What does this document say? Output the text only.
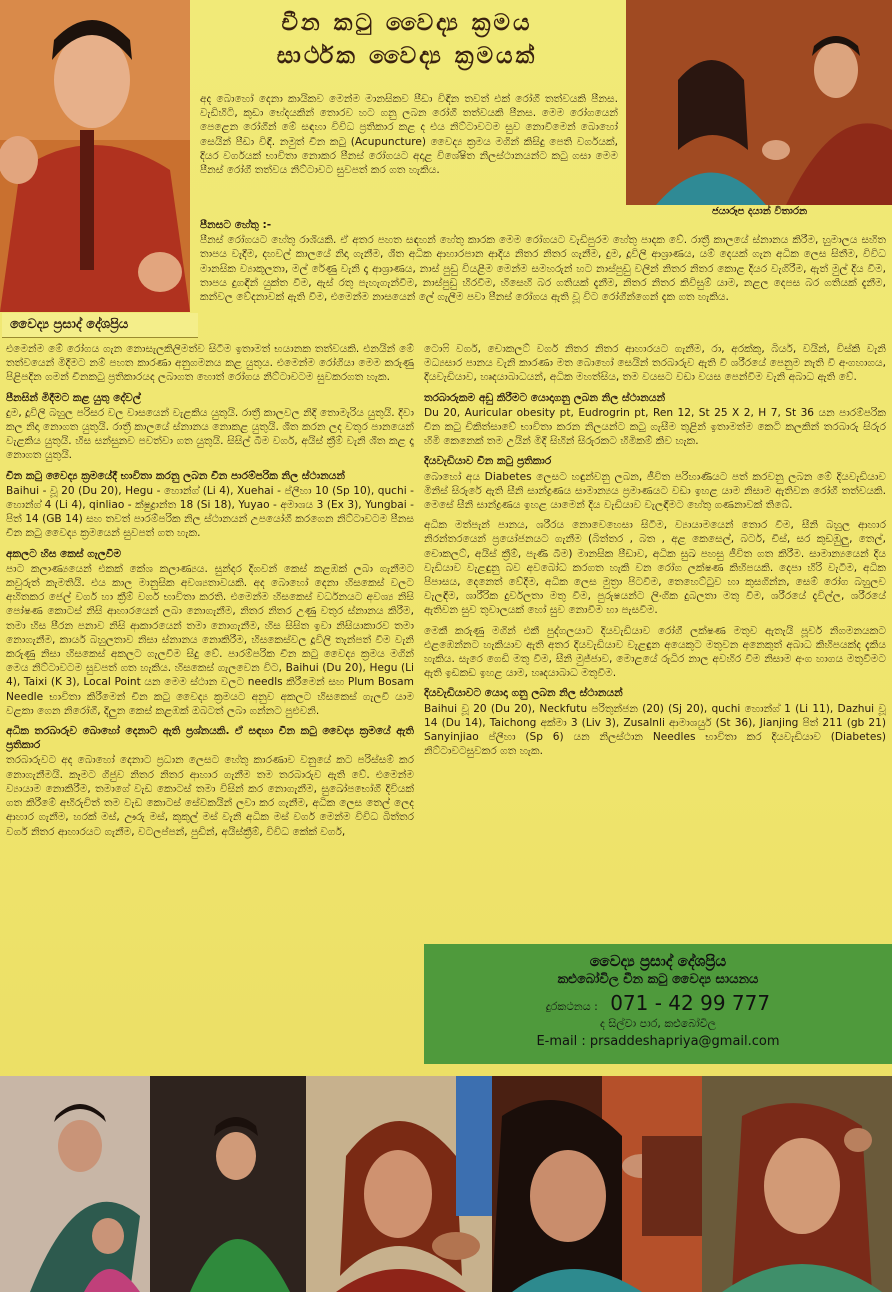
චීන කටු වෛද්‍ය ක්‍රමය
සාර්ථක වෛද්‍ය ක්‍රමයක්
ජයාරූප දයාන් විතාරන

අද බොහෝ දෙනා කායිකව මෙන්ම මානසිකව පීඩා විඳින තවත් එක් රෝගී තත්වයකි පීනස. වැඩිහිටි, කුඩා භේදයකින් තොරව හට ගනු ලබන රෝගී තත්වයකි පීනස. මෙම රෝගයෙන් පෙළෙන රෝගීන් මේ සඳහා විවිධ ප්‍රතිකාර කළ ද එය නිට්ටාවටම සුව නොවීමෙන් බොහෝ සෙයින් පීඩා විඳී. නමුත් චීන කටු (Acupuncture) වෛද්‍ය ක්‍රමය මගින් කිසිදු පෙති වර්ගයක්, දියර වර්ගයක් භාවිතා නොකර පීනස් රෝගයට අදාළ විශේෂිත නිලස්ථානයන්ට කටු ගසා මෙම පීනස් රෝගී තත්වය නිට්ටාවට සුවපත් කර ගත හැකිය.

පීනසට හේතු :-

පීනස් රෝගයට හේතු රාශියකි. ඒ අතර පහත සඳහන් හේතු කාරක මෙම රෝගයට වැඩිපුරම හේතු පාදක වේ. රාත්‍රී කාලයේ ස්නානය කිරීම, හුමාලය සහිත තාපය වැදීම, දහවල් කාලයේ නිදා ගැනීම, ශීත අධික ආහාරපාන ආදිය නිතර නිතර ගැනීම, දුම, දූවිලි ආශ්‍රාණය, යම් දෙයක් ගැන අධික ලෙස සිතීම, විවිධ මානසික ව්‍යාකූලතා, මල් රේණු වැනි දෑ ආශ්‍රාණය, නාස් පුඩු වියළීම මෙන්ම සමහරුන් හට නාස්පුඩු වලින් නිතර නිතර කොළ දියර වැගිරීම, ඇත් මුල් දිය වීම, තාපය දුගඳින් යුක්ත වීම, ඇස් රතු පැහැගැන්වීම, නාස්පුඩු හිරවීම, හිසෙහි බර ගතියක් දැනීම, නිතර නිතර කිවිසුම් යාම, නළල දෙපස බර ගතියක් දැනීම, කන්වල වේදනාවක් ඇති වීම, එමෙන්ම නාසයෙන් ලේ ගැලීම පවා පීනස් රෝගය ඇති වූ විට රෝගීන්ගෙන් දැක ගත හැකිය.

වෛද්‍ය ප්‍රසාද් දේශප්‍රිය

එමෙන්ම මේ රෝගය ගැන නොසැලකිලිමත්ව සිටීම ඉතාමත් භයානක තත්වයකි. එනයින් මේ තත්වයෙන් මිදීමට නම් පහත කාරණා අනුගමනය කළ යුතුය. එමෙන්ම රෝගියා මෙම කරුණු පිළිපදින ගමන් චීනකටු ප්‍රතිකාරයද ලබාගත හොත් රෝගය නිට්ටාවටම සුවකරගත හැක.

පීනසින් මිදීමට කළ යුතු දේවල්

දුම, දූවිලි බහුල පරිසර වල වාසයෙන් වැළකිය යුතුයි. රාත්‍රී කාලවල නිදි තොමැරිය යුතුයි. දිවා කල නිදා නොගත යුතුයි. රාත්‍රී කාලයේ ස්නානය නොකළ යුතුයි. ශීත කරන ලද වතුර පානයෙන් වැළකිය යුතුයි. හිස සන්සුනව පවත්වා ගත යුතුයි. සිසිල් බීම වර්ග, අයිස් ක්‍රීම් වැනි ශීත කළ දෑ නොගත යුතුයි.

චීන කටු වෛද්‍ය ක්‍රමයේදී භාවිතා කරනු ලබන චීන පාරම්පරික නිල ස්ථානයන්

Baihui - වූ 20 (Du 20), Hegu - හොන්ග් (Li 4), Xuehai - ප්ලීහා 10 (Sp 10), quchi - හොන්ග් 4 (Li 4), qinliao - ක්ෂුද්‍රාන්ත 18 (Si 18), Yuyao - අමාශය 3 (Ex 3), Yungbai - පිත් 14 (GB 14) සහ තවත් පාරම්පරික නිල ස්ථානයන් උපයෝගී කරගෙන නිට්ටාවටම පීනස චීන කටු වෛද්‍ය ක්‍රමයෙන් සුවපත් ගත හැක.

අකලට හිස කෙස් ගැලවීම

පාට කලාණ්‍යයෙන් එකක් කේශ කලාණ්‍යය. සුන්දර දිගවන් කෙස් කළඹක් ලබා ගැනීමට කවුරුත් කැමතියි. එය කාල මානුසික අවශ්‍යතාවයකි. අද බොහෝ දෙනා හිසකෙස් වලට අහිතකර ජෙල් වර්ග හා ක්‍රීම් වර්ග භාවිතා කරති. එමෙන්ම හිසකෙස් වර්ධනයට අවශ්‍ය නිසි පෝෂණ කොටස් නිසි ආහාරයෙන් ලබා නොගැනීම, නිතර නිතර උණු වතුර ස්නානය කිරීම, තමා හිස පීරන පනාව නිසි ආකාරයෙන් තමා නොගැනීම, හිස සිසිත ඉවා නිසියාකාරව තමා නොගැනීම, කාර්ය බහුලතාව නිසා ස්නානය නොකිරීම, හිසකෙස්වල දූවිලි තැන්පත් වීම වැනි කරුණු නිසා හිසකෙස් අකලට ගැලවීම සිදු වේ. පාරම්පරික චීන කටු වෛද්‍ය ක්‍රමය මගින් මෙය නිට්ටාවටම සුවපත් ගත හැකිය. හිසකෙස් ගැලවෙන විට, Baihui (Du 20), Hegu (Li 4), Taixi (K 3), Local Point යන මෙම ස්ථාන වලට needls කිරීමෙන් සහ Plum Bosam Needle භාවිතා කිරීමෙන් චීන කටු වෛද්‍ය ක්‍රමයට අනුව අකලට හිසකෙස් ගැලවී යාම වළකා ගෙන නිරෝගී, දිලුන කෙස් කළඹක් ඔබටත් ලබා ගන්නට පුළුවනි.

අධික තරබාරුව බොහෝ දෙනාට ඇති ප්‍රශ්නයකි. ඒ සඳහා චීන කටු වෛද්‍ය ක්‍රමයේ ඇති ප්‍රතිකාර

තරබාරුවට අද බොහෝ දෙනාට ප්‍රධාන ලෙසට හේතු කාරණාව වනුයේ කට පරිස්සම් කර නොගැනීමයි. කෑමට ගිජුව නිතර නිතර ආහාර ගැනීම තම තරබාරුව ඇති වේ. එමෙන්ම ව්‍යායාම නොකිරීම, තමාගේ වැඩ කොටස් තමා විසින් කර නොගැනීම, සුඛෝපභෝගී දිවියක් ගත කිරීමේ අභිරුචිත් තම වැඩ කොටස් සේවකයින් ලවා කර ගැනීම, අධික ලෙස තෙල් ලෙද ආහාර ගැනීම, හරක් මස්, ඌරු මස්, කුකුල් මස් වැනි අධික මස් වර්ග මෙන්ම විවිධ බිත්තර වර්ග නිතර ආහාරයට ගැනීම, වටලප්පන්, පුඩින්, අයිස්ක්‍රීම්, විවිධ කේක් වර්ග,

ටොෆි වර්ග, චොකලට් වර්ග නිතර නිතර ආහාරයට ගැනීම, රා, අරක්කු, බියර්, වයින්, විස්කි වැනි මධ්‍යසාර පානය වැනි කාරණා මත බොහෝ සෙයින් තරබාරුව ඇති වී ශරීරයේ පෙනුම නැති වී අංගහාගය, දියවැඩියාව, හෘදයාබාධයන්, අධික මහත්සිය, තම වයසට වඩා වයස පෙන්වීම වැනි අබාධ ඇති වේ.

තරබාරුකම අඩු කිරීමට යොදාගනු ලබන නිල ස්ථානයන්

Du 20, Auricular obesity pt, Eudrogrin pt, Ren 12, St 25 X 2, H 7, St 36 යන පාරම්පරික චීන කටු චිකිත්සාවේ භාවිතා කරන නිලයන්ට කටු ගැසීම තුළින් ඉතාමත්ම කෙටි කලකින් තරබාරු සිරුර හිමි කෙනෙක් තම උයින් මිදී සිහින් සිරුරකට හිමිකම් කිව හැක.

දියවැඩියාව චීන කටු ප්‍රතිකාර

බොහෝ අය Diabetes ලෙසට හඳුන්වනු ලබන, ජීවිත පරිහාණියට පත් කරවනු ලබන මේ දියවැඩියාව මිනිස් සිරුරේ ඇති සීනි සාන්ද්‍රණය සාමාන්‍යය ප්‍රමාණයට වඩා ඉහළ යාම නිසාම ඇතිවන රෝගී තත්වයකි. මෙසේ සීනි සාන්ද්‍රණය ඉහළ යාමෙන් දිය වැඩියාව වැලඳීමට හේතු ගණනාවක් තිබේ.

අධික මත්පැන් පානය, ශරීරය නොවෙහෙසා සිටීම, ව්‍යායාමයෙන් තොර වීම, සීනි බහුල ආහාර නිරන්තරයෙන් ප්‍රයෝජනයට ගැනීම (බිත්තර , බත , අළ කෙසෙල්, බටර්, චීස්, සර කුඩඹුලු, තෙල්, චොකලට්, අයිස් ක්‍රීම්, පැණි බීම) මානසික පීඩාව, අධික සුඛ පහසු ජීවිත ගත කිරීම. සාමාන්‍යයෙන් දිය වැඩියාව වැළඳුනු බව අවබෝධ කරගත හැකි වන රෝග ලක්ෂණ කිහිපයකි. දෙපා හිරි වැටීම, අධික පිපාසය, දෙනෙත් වේදීම, අධික ලෙස මුත්‍රා පිටවීම, තෙහෙට්ටුව හා කුසගින්න, සෙම් රෝග බහුලව වැලඳීම, ශාරීරික දුර්වලතා මතු වීම, පුරුෂයන්ට ලිංගික දුබලතා මතු වීම, ශරීරයේ දැවිල්ල, ශරීරයේ ඇතිවන සුව තුවාලයක් හෝ සුව නොවීම හා පැසවීම.

මෙකී කරුණු මගින් එකී පුද්ගලයාට දියවැඩියාව රෝගී ලක්ෂණ මතුව ඇතැයි පූර්ව නිගමනයකට එළඹෙන්නට හැකියාව ඇති අතර දියවැඩියාව වැළඳුන අයෙකුට මතුවන අනෙකුත් අබාධ කිහිපයක්ද දැකිය හැකිය. සැරෙ ගෙඩි මතු වීම, සීනි මුජ්ජාව, මොළයේ රුධිර නාල අවහිර වීම නිසාම අංග හාගය මතුවීමට ඇති ඉඩකඩ ඉහළ යාම, හෘදයාබාධ මතුවීම.

දියවැඩියාවට යොදා ගනු ලබන නිල ස්ථානයන්

Baihui වූ 20 (Du 20), Neckfutu පරිතුන්ජන (20) (Sj 20), quchi හොන්ග් 1 (Li 11), Dazhui වූ 14 (Du 14), Taichong අක්මා 3 (Liv 3), Zusalnli ආමාශයුර් (St 36), Jianjing පිත් 211 (gb 21) Sanyinjiao ප්ලීහා (Sp 6) යන නිලස්ථාන Needles භාවිතා කර දියවැඩියාව (Diabetes) නිට්ටාවටසුවකර ගත හැක.

වෛද්‍ය ප්‍රසාද් දේශප්‍රිය
කළුබෝවිල චීන කටු වෛද්‍ය සායනය
දුරකථනය : 071 - 42 99 777
ද සිල්වා පාර, කළුබෝවිල
E-mail : prsaddeshapriya@gmail.com
